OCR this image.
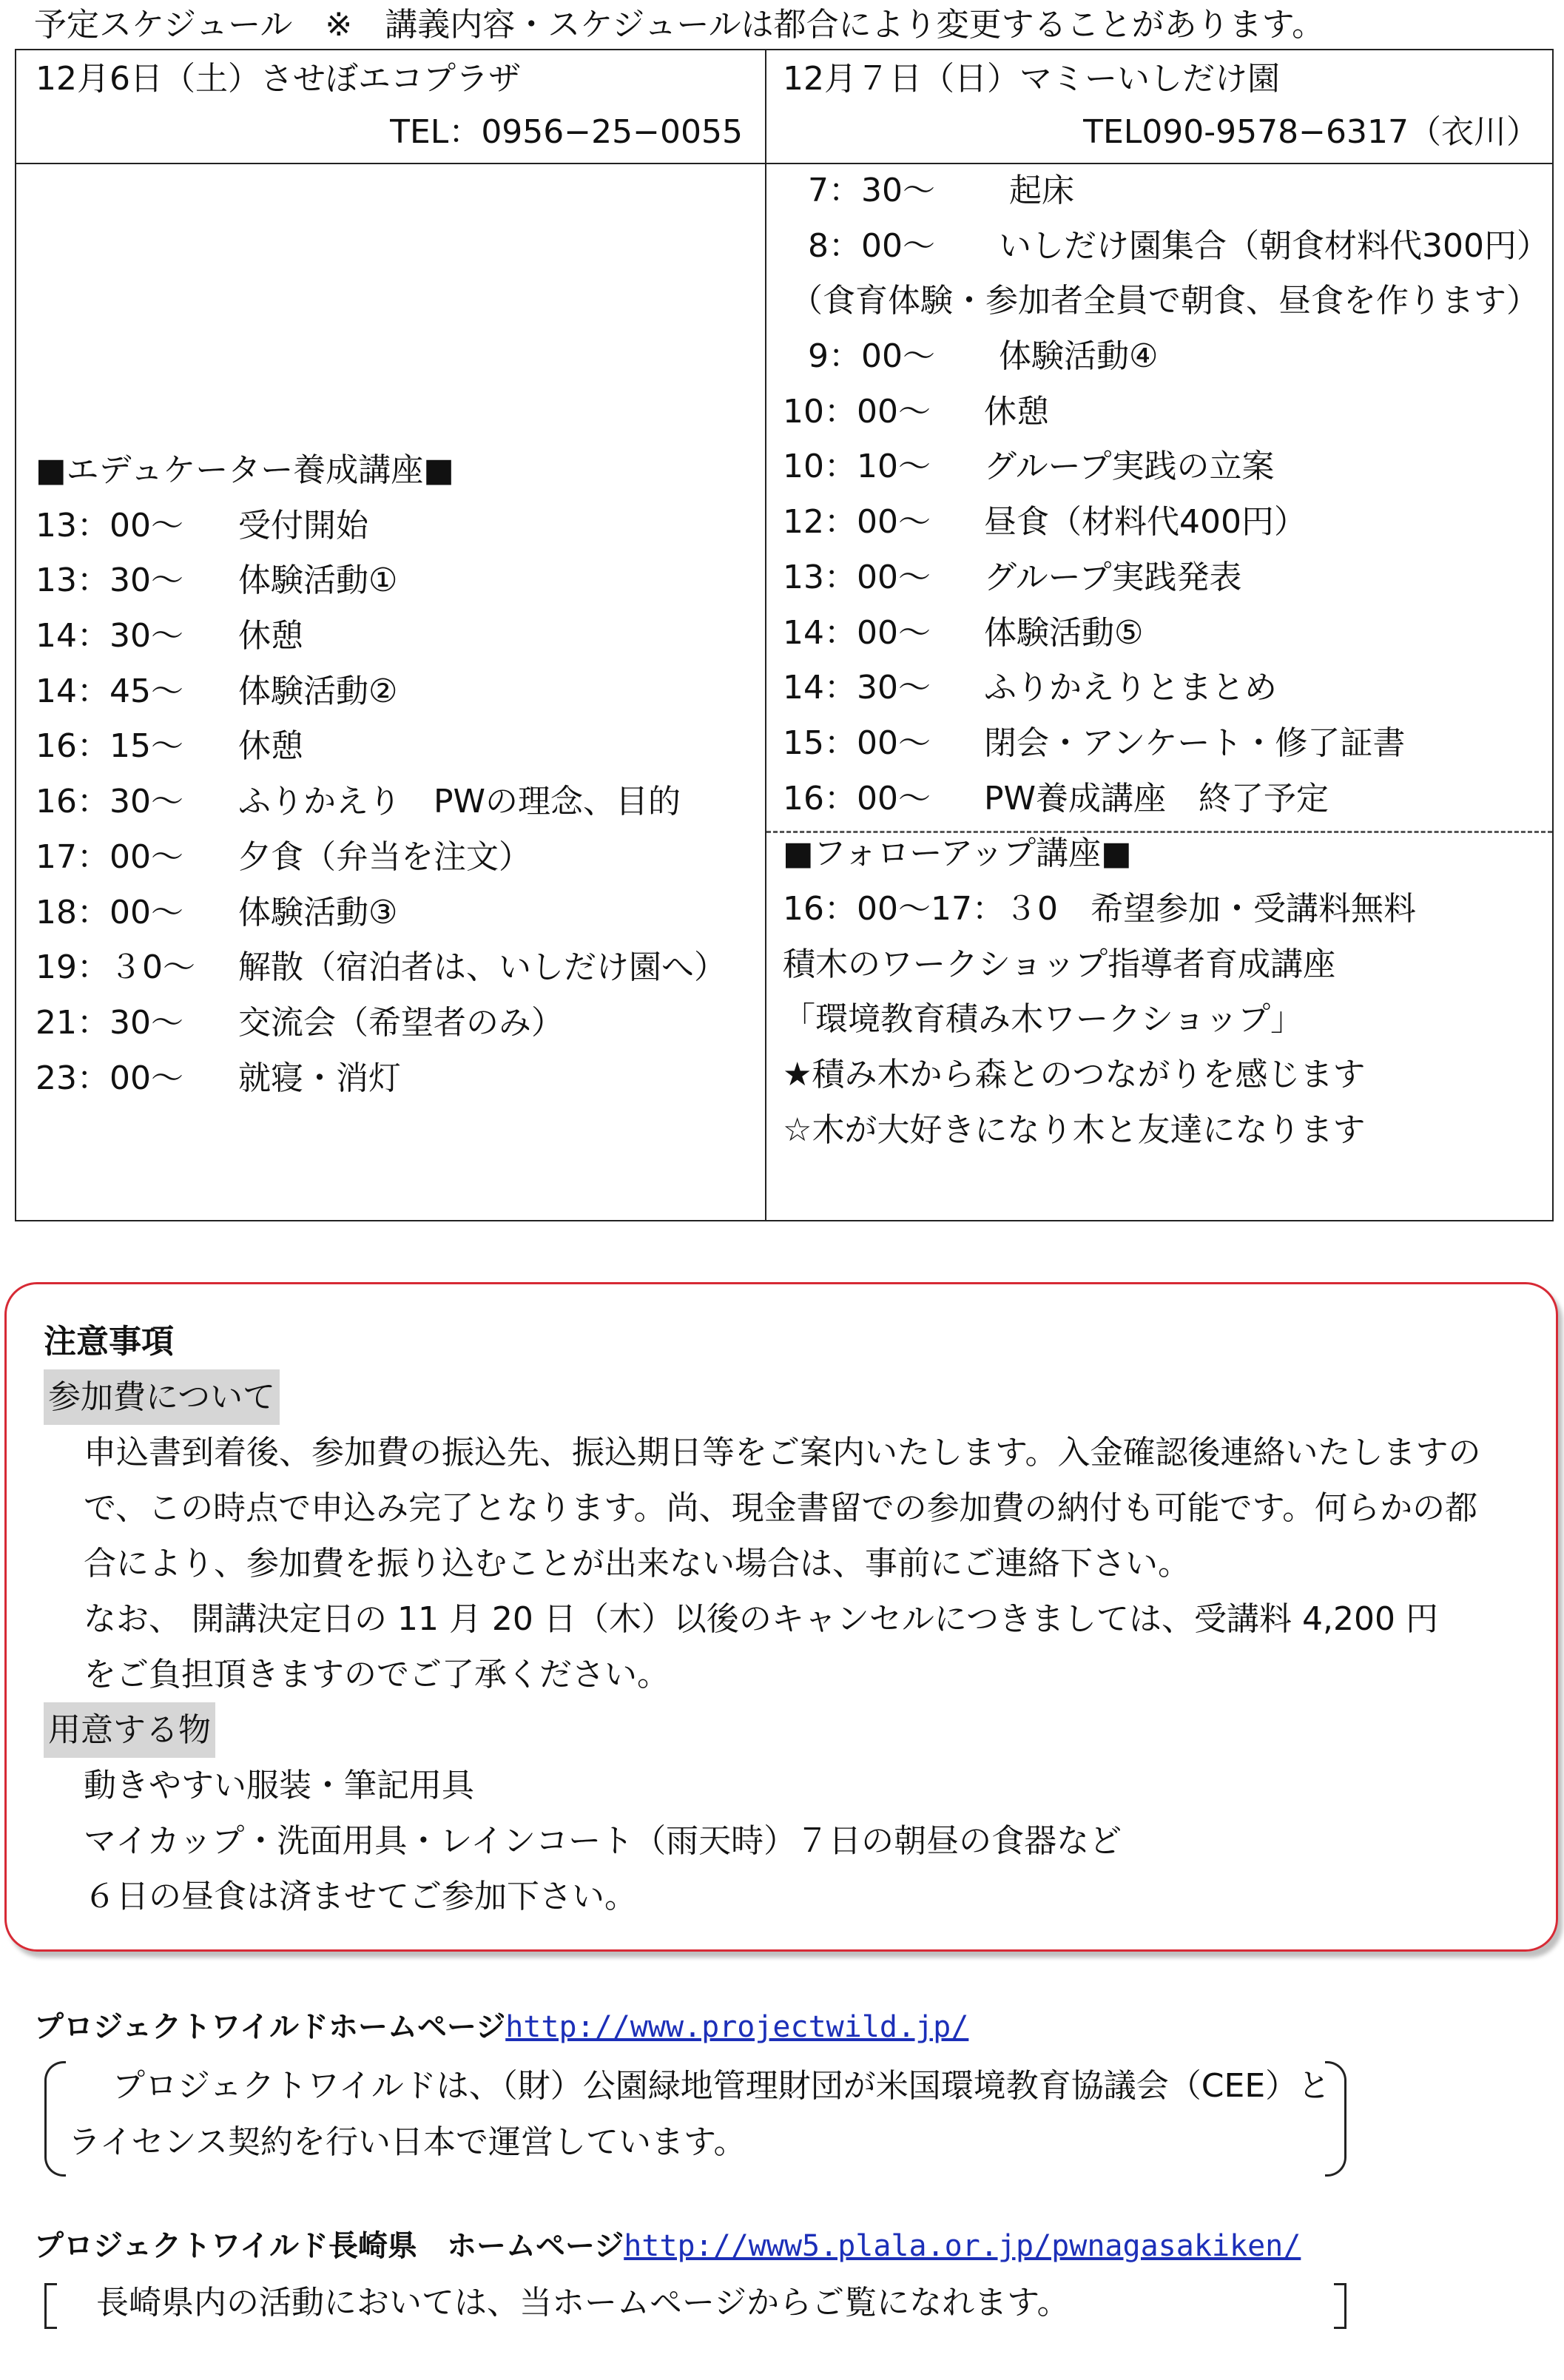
予定スケジュール　※　講義内容・スケジュールは都合により変更することがあります。
12月6日（土）させぼエコプラザ
TEL：0956−25−0055
12月７日（日）マミーいしだけ園
TEL090-9578−6317（衣川）
■エデュケーター養成講座■
13：00〜 受付開始
13：30〜 体験活動①
14：30〜 休憩
14：45〜 体験活動②
16：15〜 休憩
16：30〜 ふりかえり　PWの理念、目的
17：00〜 夕食（弁当を注文）
18：00〜 体験活動③
19：３0〜 解散（宿泊者は、いしだけ園へ）
21：30〜 交流会（希望者のみ）
23：00〜 就寝・消灯
7：30〜 起床
8：00〜 いしだけ園集合（朝食材料代300円）
（食育体験・参加者全員で朝食、昼食を作ります）
9：00〜 体験活動④
10：00〜 休憩
10：10〜 グループ実践の立案
12：00〜 昼食（材料代400円）
13：00〜 グループ実践発表
14：00〜 体験活動⑤
14：30〜 ふりかえりとまとめ
15：00〜 閉会・アンケート・修了証書
16：00〜 PW養成講座　終了予定
■フォローアップ講座■
16：00〜17：３0　希望参加・受講料無料
積木のワークショップ指導者育成講座
「環境教育積み木ワークショップ」
★積み木から森とのつながりを感じます
☆木が大好きになり木と友達になります
注意事項
参加費について
申込書到着後、参加費の振込先、振込期日等をご案内いたします。入金確認後連絡いたしますの
で、この時点で申込み完了となります。尚、現金書留での参加費の納付も可能です。何らかの都
合により、参加費を振り込むことが出来ない場合は、事前にご連絡下さい。
なお、 開講決定日の 11 月 20 日（木）以後のキャンセルにつきましては、受講料 4,200 円
をご負担頂きますのでご了承ください。
用意する物
動きやすい服装・筆記用具
マイカップ・洗面用具・レインコート（雨天時）７日の朝昼の食器など
６日の昼食は済ませてご参加下さい。
プロジェクトワイルドホームページhttp://www.projectwild.jp/
プロジェクトワイルドは、（財）公園緑地管理財団が米国環境教育協議会（CEE）と
ライセンス契約を行い日本で運営しています。
プロジェクトワイルド長崎県　ホームページhttp://www5.plala.or.jp/pwnagasakiken/
長崎県内の活動においては、当ホームページからご覧になれます。
